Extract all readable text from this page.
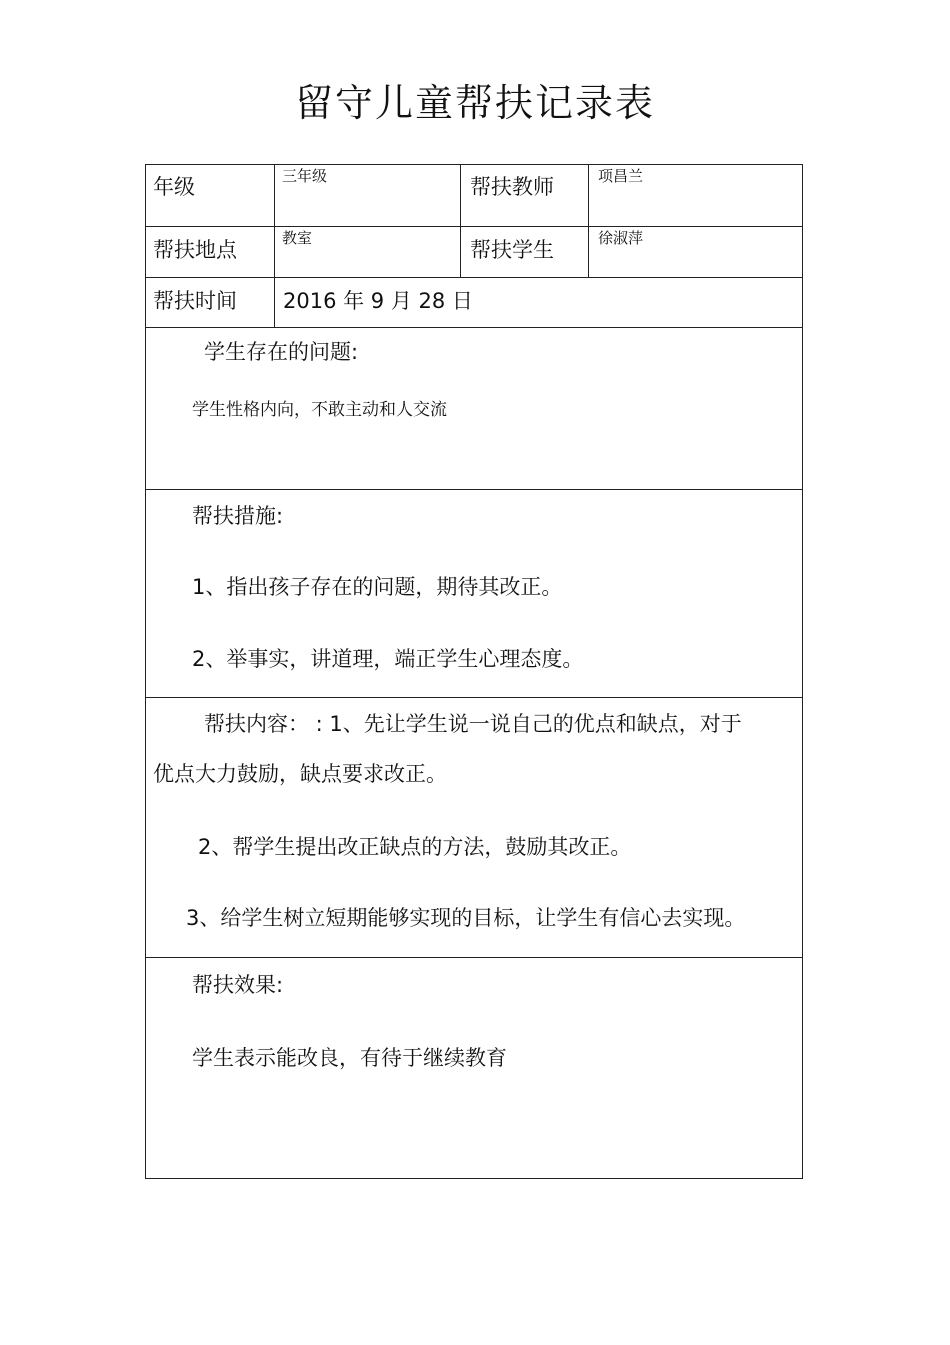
留守儿童帮扶记录表
年级	三年级	帮扶教师	项昌兰
帮扶地点	教室	帮扶学生	徐淑萍
帮扶时间 2016 年 9 月 28 日
学生存在的问题:
学生性格内向，不敢主动和人交流
帮扶措施:
1、指出孩子存在的问题，期待其改正。
2、举事实，讲道理，端正学生心理态度。
帮扶内容： : 1、先让学生说一说自己的优点和缺点，对于
优点大力鼓励，缺点要求改正。
2、帮学生提出改正缺点的方法，鼓励其改正。
3、给学生树立短期能够实现的目标，让学生有信心去实现。
帮扶效果:
学生表示能改良，有待于继续教育
